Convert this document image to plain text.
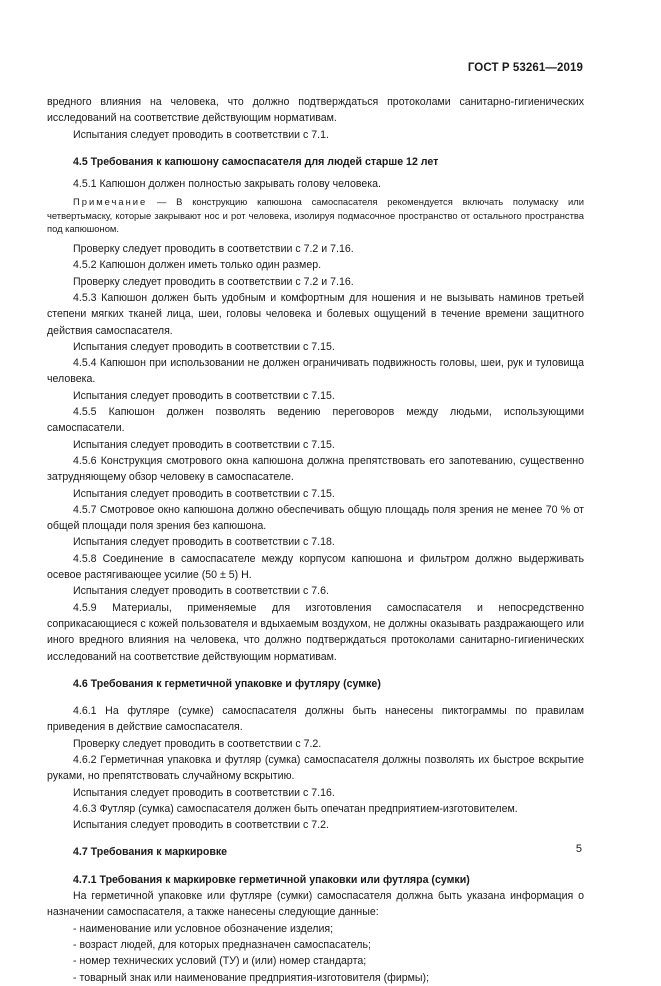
ГОСТ Р 53261—2019

вредного влияния на человека, что должно подтверждаться протоколами санитарно-гигиенических исследований на соответствие действующим нормативам.

Испытания следует проводить в соответствии с 7.1.

4.5 Требования к капюшону самоспасателя для людей старше 12 лет

4.5.1 Капюшон должен полностью закрывать голову человека.

Примечание — В конструкцию капюшона самоспасателя рекомендуется включать полумаску или четвертьмаску, которые закрывают нос и рот человека, изолируя подмасочное пространство от остального пространства под капюшоном.

Проверку следует проводить в соответствии с 7.2 и 7.16.

4.5.2 Капюшон должен иметь только один размер.

Проверку следует проводить в соответствии с 7.2 и 7.16.

4.5.3 Капюшон должен быть удобным и комфортным для ношения и не вызывать наминов третьей степени мягких тканей лица, шеи, головы человека и болевых ощущений в течение времени защитного действия самоспасателя.

Испытания следует проводить в соответствии с 7.15.

4.5.4 Капюшон при использовании не должен ограничивать подвижность головы, шеи, рук и туловища человека.

Испытания следует проводить в соответствии с 7.15.

4.5.5 Капюшон должен позволять ведению переговоров между людьми, использующими самоспасатели.

Испытания следует проводить в соответствии с 7.15.

4.5.6 Конструкция смотрового окна капюшона должна препятствовать его запотеванию, существенно затрудняющему обзор человеку в самоспасателе.

Испытания следует проводить в соответствии с 7.15.

4.5.7 Смотровое окно капюшона должно обеспечивать общую площадь поля зрения не менее 70 % от общей площади поля зрения без капюшона.

Испытания следует проводить в соответствии с 7.18.

4.5.8 Соединение в самоспасателе между корпусом капюшона и фильтром должно выдерживать осевое растягивающее усилие (50 ± 5) Н.

Испытания следует проводить в соответствии с 7.6.

4.5.9 Материалы, применяемые для изготовления самоспасателя и непосредственно соприкасающиеся с кожей пользователя и вдыхаемым воздухом, не должны оказывать раздражающего или иного вредного влияния на человека, что должно подтверждаться протоколами санитарно-гигиенических исследований на соответствие действующим нормативам.

4.6 Требования к герметичной упаковке и футляру (сумке)

4.6.1 На футляре (сумке) самоспасателя должны быть нанесены пиктограммы по правилам приведения в действие самоспасателя.

Проверку следует проводить в соответствии с 7.2.

4.6.2 Герметичная упаковка и футляр (сумка) самоспасателя должны позволять их быстрое вскрытие руками, но препятствовать случайному вскрытию.

Испытания следует проводить в соответствии с 7.16.

4.6.3 Футляр (сумка) самоспасателя должен быть опечатан предприятием-изготовителем.

Испытания следует проводить в соответствии с 7.2.

4.7 Требования к маркировке

4.7.1 Требования к маркировке герметичной упаковки или футляра (сумки)

На герметичной упаковке или футляре (сумки) самоспасателя должна быть указана информация о назначении самоспасателя, а также нанесены следующие данные:

- наименование или условное обозначение изделия;

- возраст людей, для которых предназначен самоспасатель;

- номер технических условий (ТУ) и (или) номер стандарта;

- товарный знак или наименование предприятия-изготовителя (фирмы);

5
